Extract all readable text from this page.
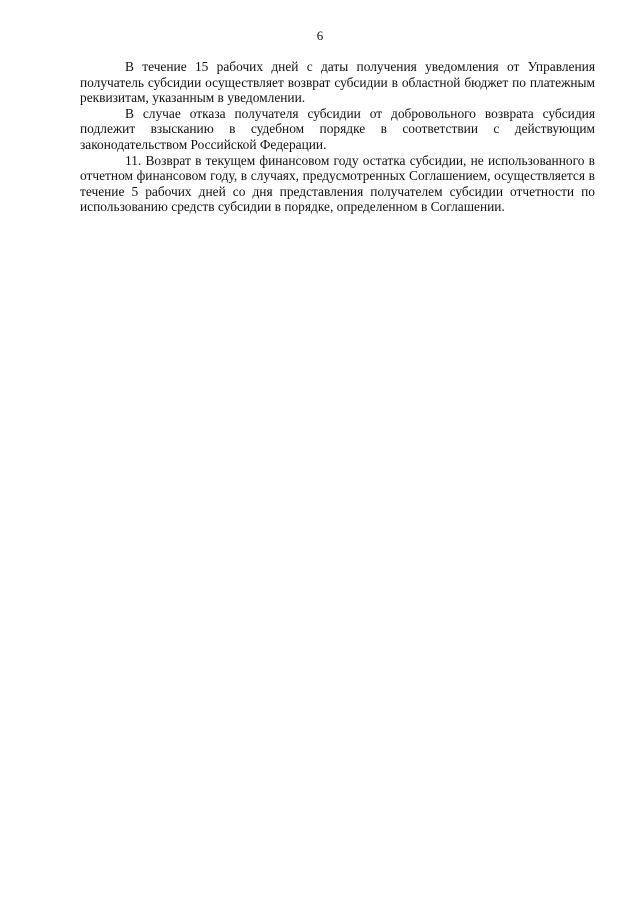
6

В течение 15 рабочих дней с даты получения уведомления от Управления получатель субсидии осуществляет возврат субсидии в областной бюджет по платежным реквизитам, указанным в уведомлении.

В случае отказа получателя субсидии от добровольного возврата субсидия подлежит взысканию в судебном порядке в соответствии с действующим законодательством Российской Федерации.

11. Возврат в текущем финансовом году остатка субсидии, не использованного в отчетном финансовом году, в случаях, предусмотренных Соглашением, осуществляется в течение 5 рабочих дней со дня представления получателем субсидии отчетности по использованию средств субсидии в порядке, определенном в Соглашении.
